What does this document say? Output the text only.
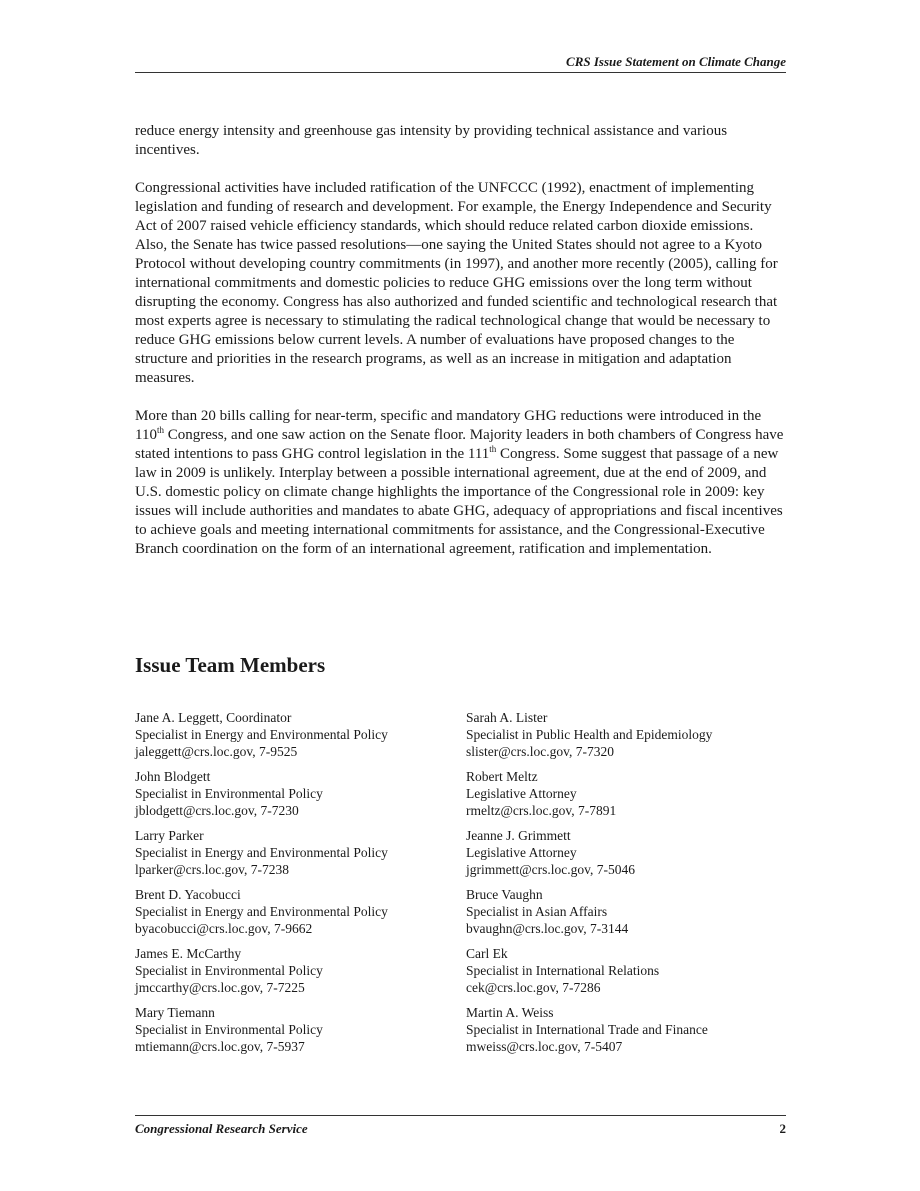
CRS Issue Statement on Climate Change

reduce energy intensity and greenhouse gas intensity by providing technical assistance and various incentives.

Congressional activities have included ratification of the UNFCCC (1992), enactment of implementing legislation and funding of research and development. For example, the Energy Independence and Security Act of 2007 raised vehicle efficiency standards, which should reduce related carbon dioxide emissions. Also, the Senate has twice passed resolutions—one saying the United States should not agree to a Kyoto Protocol without developing country commitments (in 1997), and another more recently (2005), calling for international commitments and domestic policies to reduce GHG emissions over the long term without disrupting the economy. Congress has also authorized and funded scientific and technological research that most experts agree is necessary to stimulating the radical technological change that would be necessary to reduce GHG emissions below current levels. A number of evaluations have proposed changes to the structure and priorities in the research programs, as well as an increase in mitigation and adaptation measures.

More than 20 bills calling for near-term, specific and mandatory GHG reductions were introduced in the 110th Congress, and one saw action on the Senate floor. Majority leaders in both chambers of Congress have stated intentions to pass GHG control legislation in the 111th Congress. Some suggest that passage of a new law in 2009 is unlikely. Interplay between a possible international agreement, due at the end of 2009, and U.S. domestic policy on climate change highlights the importance of the Congressional role in 2009: key issues will include authorities and mandates to abate GHG, adequacy of appropriations and fiscal incentives to achieve goals and meeting international commitments for assistance, and the Congressional-Executive Branch coordination on the form of an international agreement, ratification and implementation.

Issue Team Members
Jane A. Leggett, Coordinator
Specialist in Energy and Environmental Policy
jaleggett@crs.loc.gov, 7-9525
Sarah A. Lister
Specialist in Public Health and Epidemiology
slister@crs.loc.gov, 7-7320
John Blodgett
Specialist in Environmental Policy
jblodgett@crs.loc.gov, 7-7230
Robert Meltz
Legislative Attorney
rmeltz@crs.loc.gov, 7-7891
Larry Parker
Specialist in Energy and Environmental Policy
lparker@crs.loc.gov, 7-7238
Jeanne J. Grimmett
Legislative Attorney
jgrimmett@crs.loc.gov, 7-5046
Brent D. Yacobucci
Specialist in Energy and Environmental Policy
byacobucci@crs.loc.gov, 7-9662
Bruce Vaughn
Specialist in Asian Affairs
bvaughn@crs.loc.gov, 7-3144
James E. McCarthy
Specialist in Environmental Policy
jmccarthy@crs.loc.gov, 7-7225
Carl Ek
Specialist in International Relations
cek@crs.loc.gov, 7-7286
Mary Tiemann
Specialist in Environmental Policy
mtiemann@crs.loc.gov, 7-5937
Martin A. Weiss
Specialist in International Trade and Finance
mweiss@crs.loc.gov, 7-5407
Congressional Research Service	2
